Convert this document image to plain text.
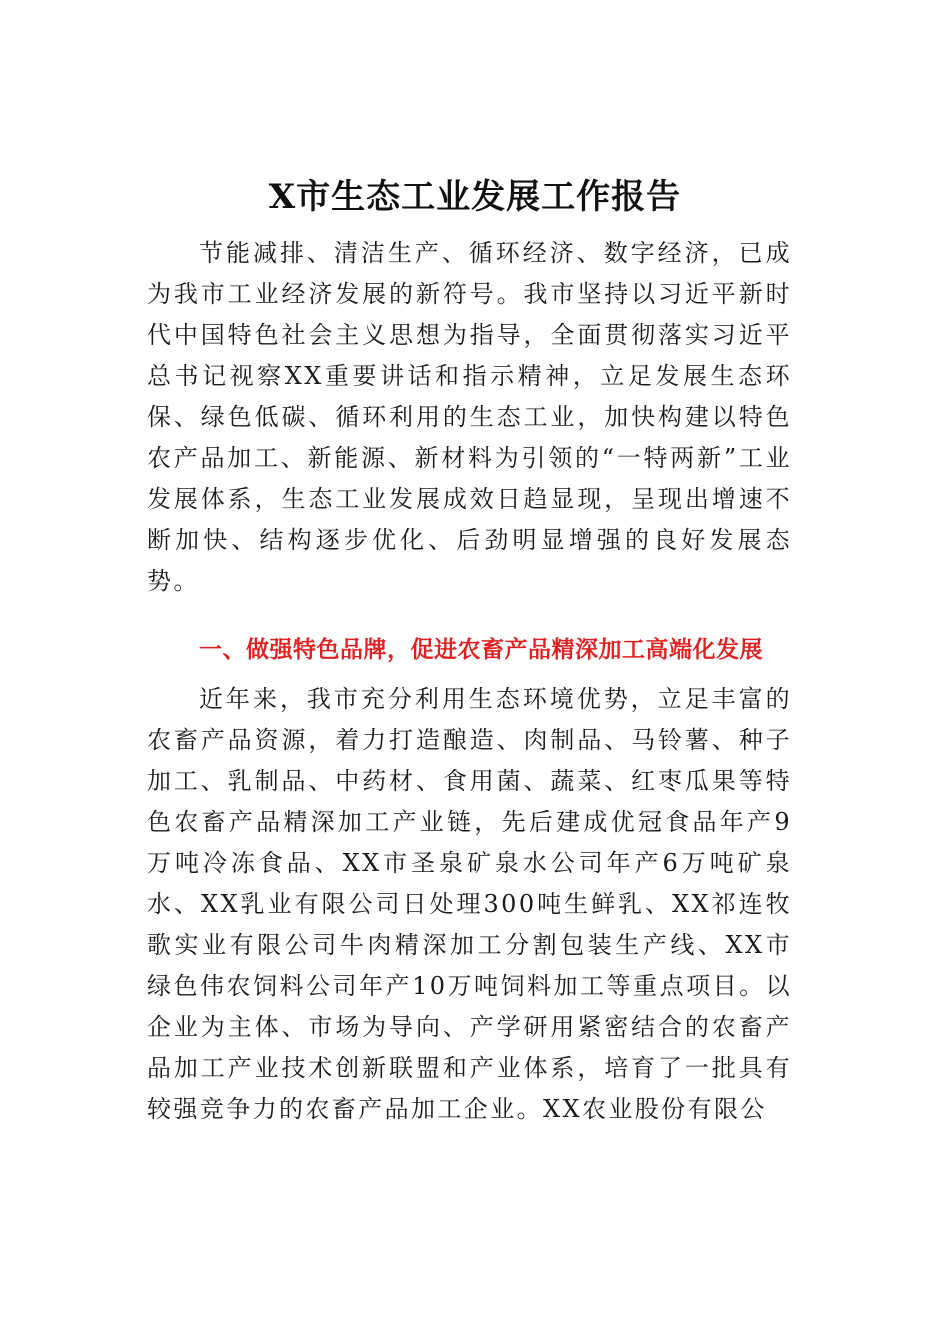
X市生态工业发展工作报告

节能减排、清洁生产、循环经济、数字经济，已成为我市工业经济发展的新符号。我市坚持以习近平新时代中国特色社会主义思想为指导，全面贯彻落实习近平总书记视察XX重要讲话和指示精神，立足发展生态环保、绿色低碳、循环利用的生态工业，加快构建以特色农产品加工、新能源、新材料为引领的“一特两新”工业发展体系，生态工业发展成效日趋显现，呈现出增速不断加快、结构逐步优化、后劲明显增强的良好发展态势。

一、做强特色品牌，促进农畜产品精深加工高端化发展

近年来，我市充分利用生态环境优势，立足丰富的农畜产品资源，着力打造酿造、肉制品、马铃薯、种子加工、乳制品、中药材、食用菌、蔬菜、红枣瓜果等特色农畜产品精深加工产业链，先后建成优冠食品年产9万吨冷冻食品、XX市圣泉矿泉水公司年产6万吨矿泉水、XX乳业有限公司日处理300吨生鲜乳、XX祁连牧歌实业有限公司牛肉精深加工分割包装生产线、XX市绿色伟农饲料公司年产10万吨饲料加工等重点项目。以企业为主体、市场为导向、产学研用紧密结合的农畜产品加工产业技术创新联盟和产业体系，培育了一批具有较强竞争力的农畜产品加工企业。XX农业股份有限公
